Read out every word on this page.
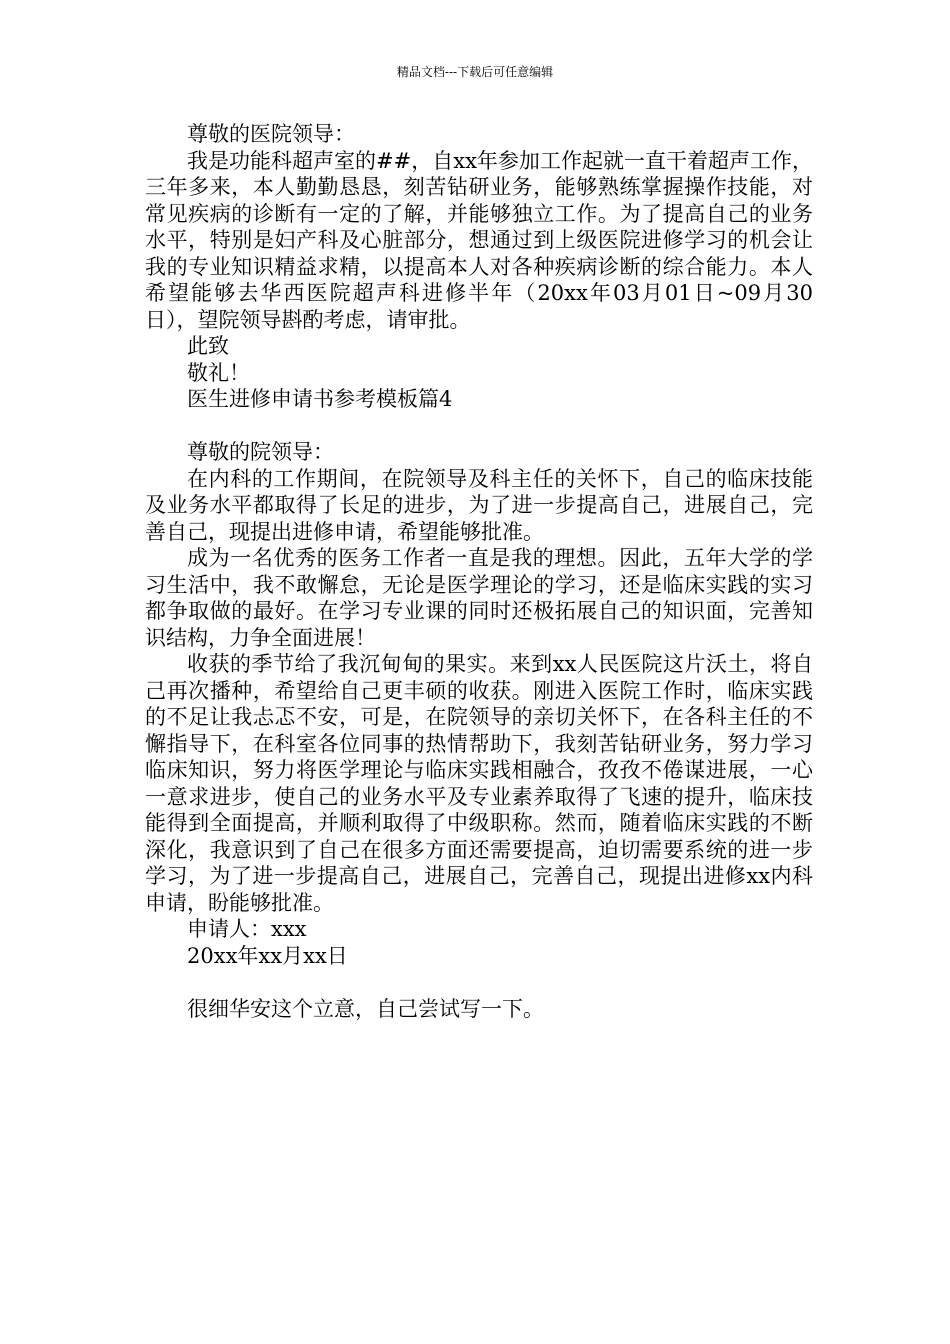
精品文档---下载后可任意编辑

尊敬的医院领导：

我是功能科超声室的##，自xx年参加工作起就一直干着超声工作，三年多来，本人勤勤恳恳，刻苦钻研业务，能够熟练掌握操作技能，对常见疾病的诊断有一定的了解，并能够独立工作。为了提高自己的业务水平，特别是妇产科及心脏部分，想通过到上级医院进修学习的机会让我的专业知识精益求精，以提高本人对各种疾病诊断的综合能力。本人希望能够去华西医院超声科进修半年（20xx年03月01日~09月30日），望院领导斟酌考虑，请审批。

此致

敬礼！

医生进修申请书参考模板篇4

尊敬的院领导：

在内科的工作期间，在院领导及科主任的关怀下，自己的临床技能及业务水平都取得了长足的进步，为了进一步提高自己，进展自己，完善自己，现提出进修申请，希望能够批准。

成为一名优秀的医务工作者一直是我的理想。因此，五年大学的学习生活中，我不敢懈怠，无论是医学理论的学习，还是临床实践的实习都争取做的最好。在学习专业课的同时还极拓展自己的知识面，完善知识结构，力争全面进展！

收获的季节给了我沉甸甸的果实。来到xx人民医院这片沃土，将自己再次播种，希望给自己更丰硕的收获。刚进入医院工作时，临床实践的不足让我忐忑不安，可是，在院领导的亲切关怀下，在各科主任的不懈指导下，在科室各位同事的热情帮助下，我刻苦钻研业务，努力学习临床知识，努力将医学理论与临床实践相融合，孜孜不倦谋进展，一心一意求进步，使自己的业务水平及专业素养取得了飞速的提升，临床技能得到全面提高，并顺利取得了中级职称。然而，随着临床实践的不断深化，我意识到了自己在很多方面还需要提高，迫切需要系统的进一步学习，为了进一步提高自己，进展自己，完善自己，现提出进修xx内科申请，盼能够批准。

申请人：xxx

20xx年xx月xx日

很细华安这个立意，自己尝试写一下。
